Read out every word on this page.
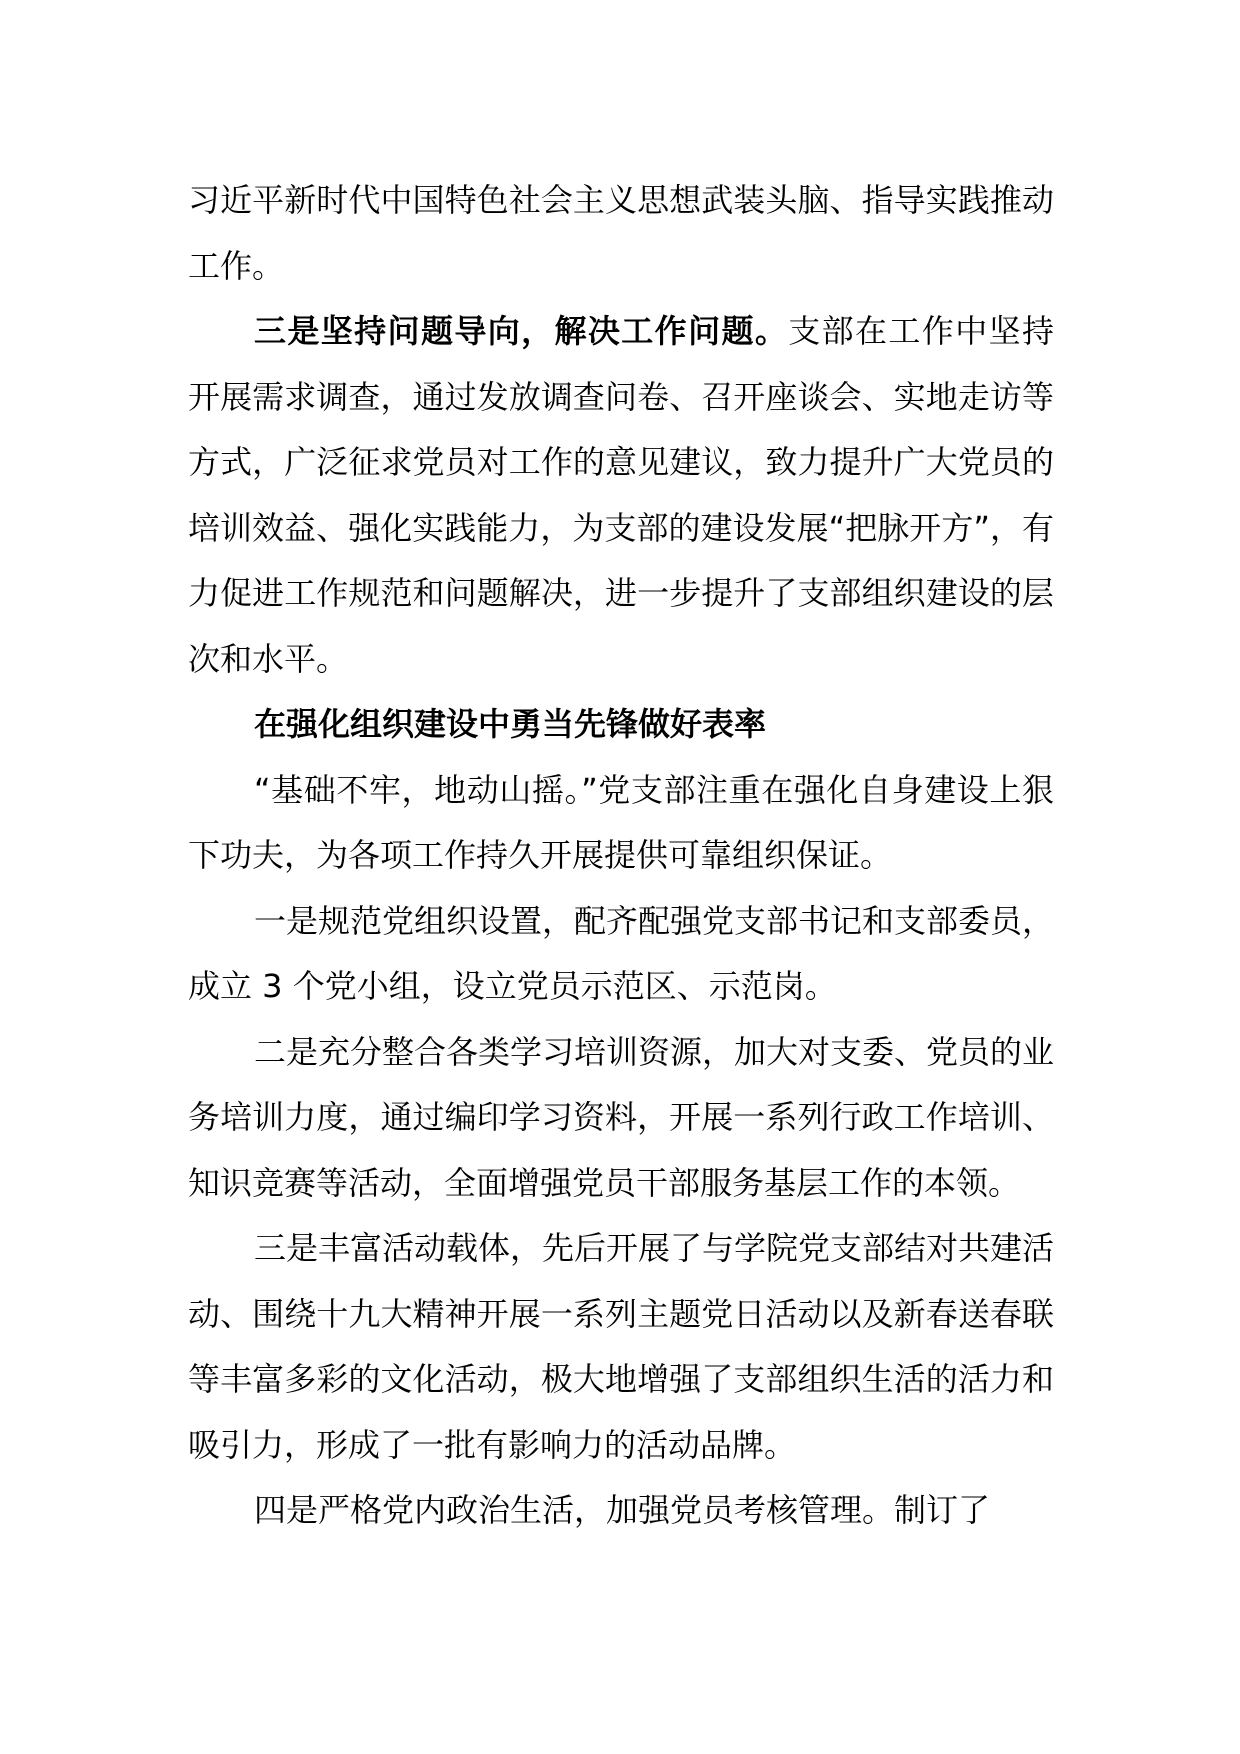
习近平新时代中国特色社会主义思想武装头脑、指导实践推动工作。

三是坚持问题导向，解决工作问题。支部在工作中坚持开展需求调查，通过发放调查问卷、召开座谈会、实地走访等方式，广泛征求党员对工作的意见建议，致力提升广大党员的培训效益、强化实践能力，为支部的建设发展“把脉开方”，有力促进工作规范和问题解决，进一步提升了支部组织建设的层次和水平。

在强化组织建设中勇当先锋做好表率

“基础不牢，地动山摇。”党支部注重在强化自身建设上狠下功夫，为各项工作持久开展提供可靠组织保证。

一是规范党组织设置，配齐配强党支部书记和支部委员，成立 3 个党小组，设立党员示范区、示范岗。

二是充分整合各类学习培训资源，加大对支委、党员的业务培训力度，通过编印学习资料，开展一系列行政工作培训、知识竞赛等活动，全面增强党员干部服务基层工作的本领。

三是丰富活动载体，先后开展了与学院党支部结对共建活动、围绕十九大精神开展一系列主题党日活动以及新春送春联等丰富多彩的文化活动，极大地增强了支部组织生活的活力和吸引力，形成了一批有影响力的活动品牌。

四是严格党内政治生活，加强党员考核管理。制订了
